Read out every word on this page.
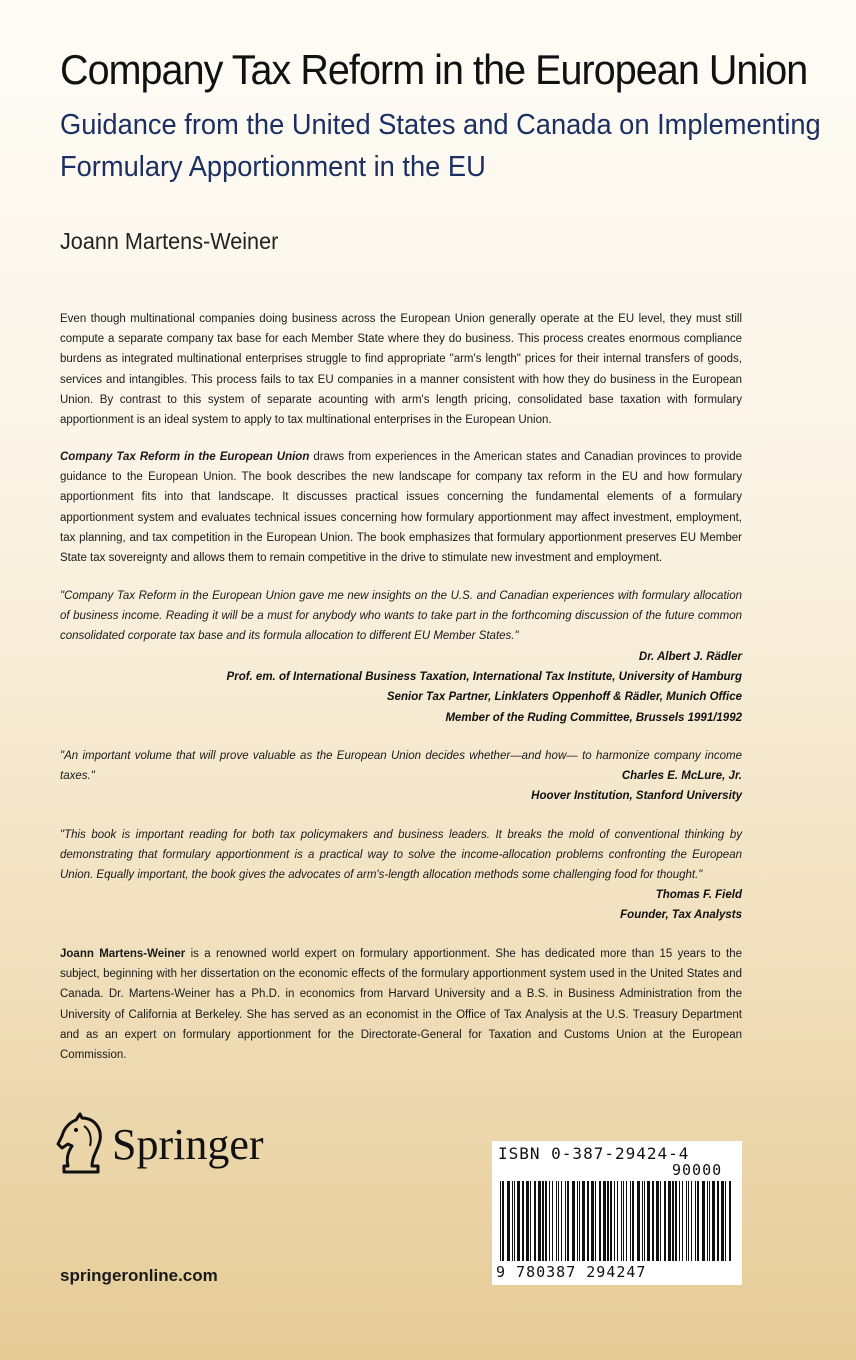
Company Tax Reform in the European Union
Guidance from the United States and Canada on Implementing
Formulary Apportionment in the EU
Joann Martens-Weiner
Even though multinational companies doing business across the European Union generally operate at the EU level, they must still compute a separate company tax base for each Member State where they do business. This process creates enormous compliance burdens as integrated multinational enterprises struggle to find appropriate "arm's length" prices for their internal transfers of goods, services and intangibles. This process fails to tax EU companies in a manner consistent with how they do business in the European Union. By contrast to this system of separate acounting with arm's length pricing, consolidated base taxation with formulary apportionment is an ideal system to apply to tax multinational enterprises in the European Union.
Company Tax Reform in the European Union draws from experiences in the American states and Canadian provinces to provide guidance to the European Union. The book describes the new landscape for company tax reform in the EU and how formulary apportionment fits into that landscape. It discusses practical issues concerning the fundamental elements of a formulary apportionment system and evaluates technical issues concerning how formulary apportionment may affect investment, employment, tax planning, and tax competition in the European Union. The book emphasizes that formulary apportionment preserves EU Member State tax sovereignty and allows them to remain competitive in the drive to stimulate new investment and employment.
"Company Tax Reform in the European Union gave me new insights on the U.S. and Canadian experiences with formulary allocation of business income. Reading it will be a must for anybody who wants to take part in the forthcoming discussion of the future common consolidated corporate tax base and its formula allocation to different EU Member States."
Dr. Albert J. Rädler
Prof. em. of International Business Taxation, International Tax Institute, University of Hamburg
Senior Tax Partner, Linklaters Oppenhoff & Rädler, Munich Office
Member of the Ruding Committee, Brussels 1991/1992
"An important volume that will prove valuable as the European Union decides whether—and how— to harmonize company income taxes."	Charles E. McLure, Jr.
Hoover Institution, Stanford University
"This book is important reading for both tax policymakers and business leaders. It breaks the mold of conventional thinking by demonstrating that formulary apportionment is a practical way to solve the income-allocation problems confronting the European Union. Equally important, the book gives the advocates of arm's-length allocation methods some challenging food for thought."
Thomas F. Field
Founder, Tax Analysts
Joann Martens-Weiner is a renowned world expert on formulary apportionment. She has dedicated more than 15 years to the subject, beginning with her dissertation on the economic effects of the formulary apportionment system used in the United States and Canada. Dr. Martens-Weiner has a Ph.D. in economics from Harvard University and a B.S. in Business Administration from the University of California at Berkeley. She has served as an economist in the Office of Tax Analysis at the U.S. Treasury Department and as an expert on formulary apportionment for the Directorate-General for Taxation and Customs Union at the European Commission.
Springer
springeronline.com
ISBN 0-387-29424-4
90000
9 780387 294247
